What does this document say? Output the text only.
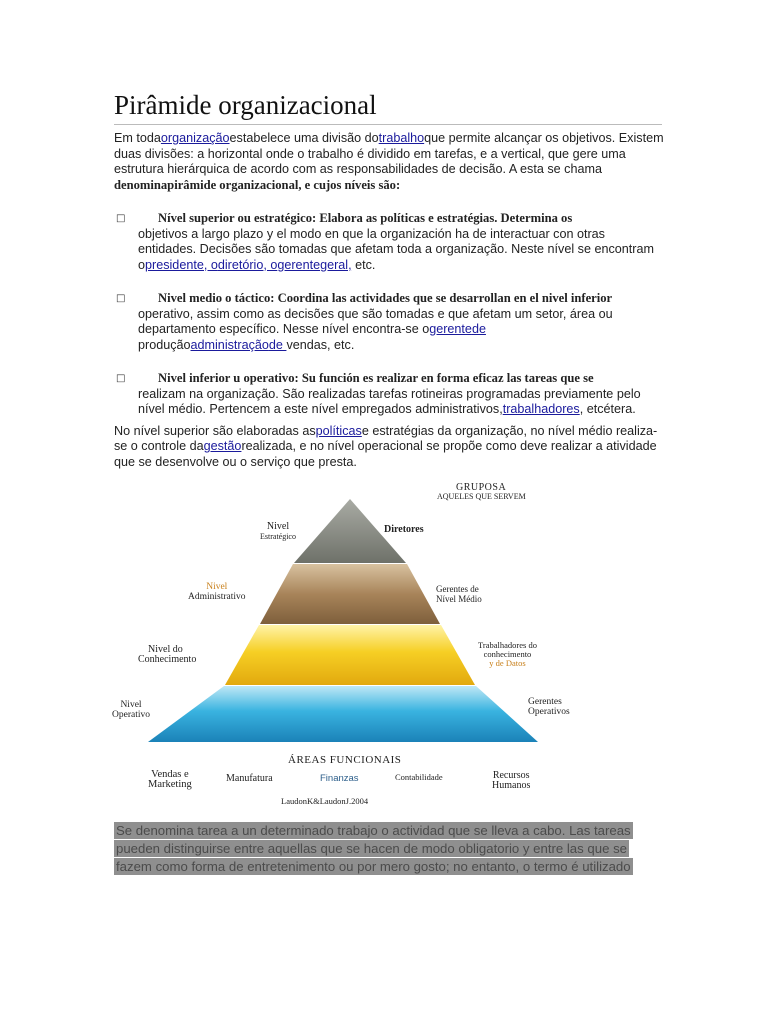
Pirâmide organizacional

Em todaorganizaçãoestabelece uma divisão dotrabalhoque permite alcançar os objetivos. Existem duas divisões: a horizontal onde o trabalho é dividido em tarefas, e a vertical, que gere uma estrutura hierárquica de acordo com as responsabilidades de decisão. A esta se chama
denominapirâmide organizacional, e cujos níveis são:

□	Nível superior ou estratégico: Elabora as políticas e estratégias. Determina os
objetivos a largo plazo y el modo en que la organización ha de interactuar con otras entidades. Decisões são tomadas que afetam toda a organização. Neste nível se encontram opresidente, odiretório, ogerentegeral, etc.
□	Nivel medio o táctico: Coordina las actividades que se desarrollan en el nivel inferior
operativo, assim como as decisões que são tomadas e que afetam um setor, área ou departamento específico. Nesse nível encontra-se ogerentede
produçãoadministraçãode vendas, etc.
□	Nivel inferior u operativo: Su función es realizar en forma eficaz las tareas que se
realizam na organização. São realizadas tarefas rotineiras programadas previamente pelo nível médio. Pertencem a este nível empregados administrativos,trabalhadores, etcétera.

No nível superior são elaboradas aspolíticase estratégias da organização, no nível médio realiza-se o controle dagestãorealizada, e no nível operacional se propõe como deve realizar a atividade que se desenvolve ou o serviço que presta.

GRUPOSA
AQUELES QUE SERVEM
Nivel
Estratégico
Nivel
Administrativo
Nivel do
Conhecimento
Nivel
Operativo
Diretores
Gerentes de
Nível Médio
Trabalhadores do
conhecimento
y de Datos
Gerentes
Operativos
ÁREAS FUNCIONAIS
Vendas e
Marketing
Manufatura	Finanzas	Contabilidade	Recursos
Humanos
LaudonK&LaudonJ.2004
Se denomina tarea a un determinado trabajo o actividad que se lleva a cabo. Las tareas
pueden distinguirse entre aquellas que se hacen de modo obligatorio y entre las que se
fazem como forma de entretenimento ou por mero gosto; no entanto, o termo é utilizado
